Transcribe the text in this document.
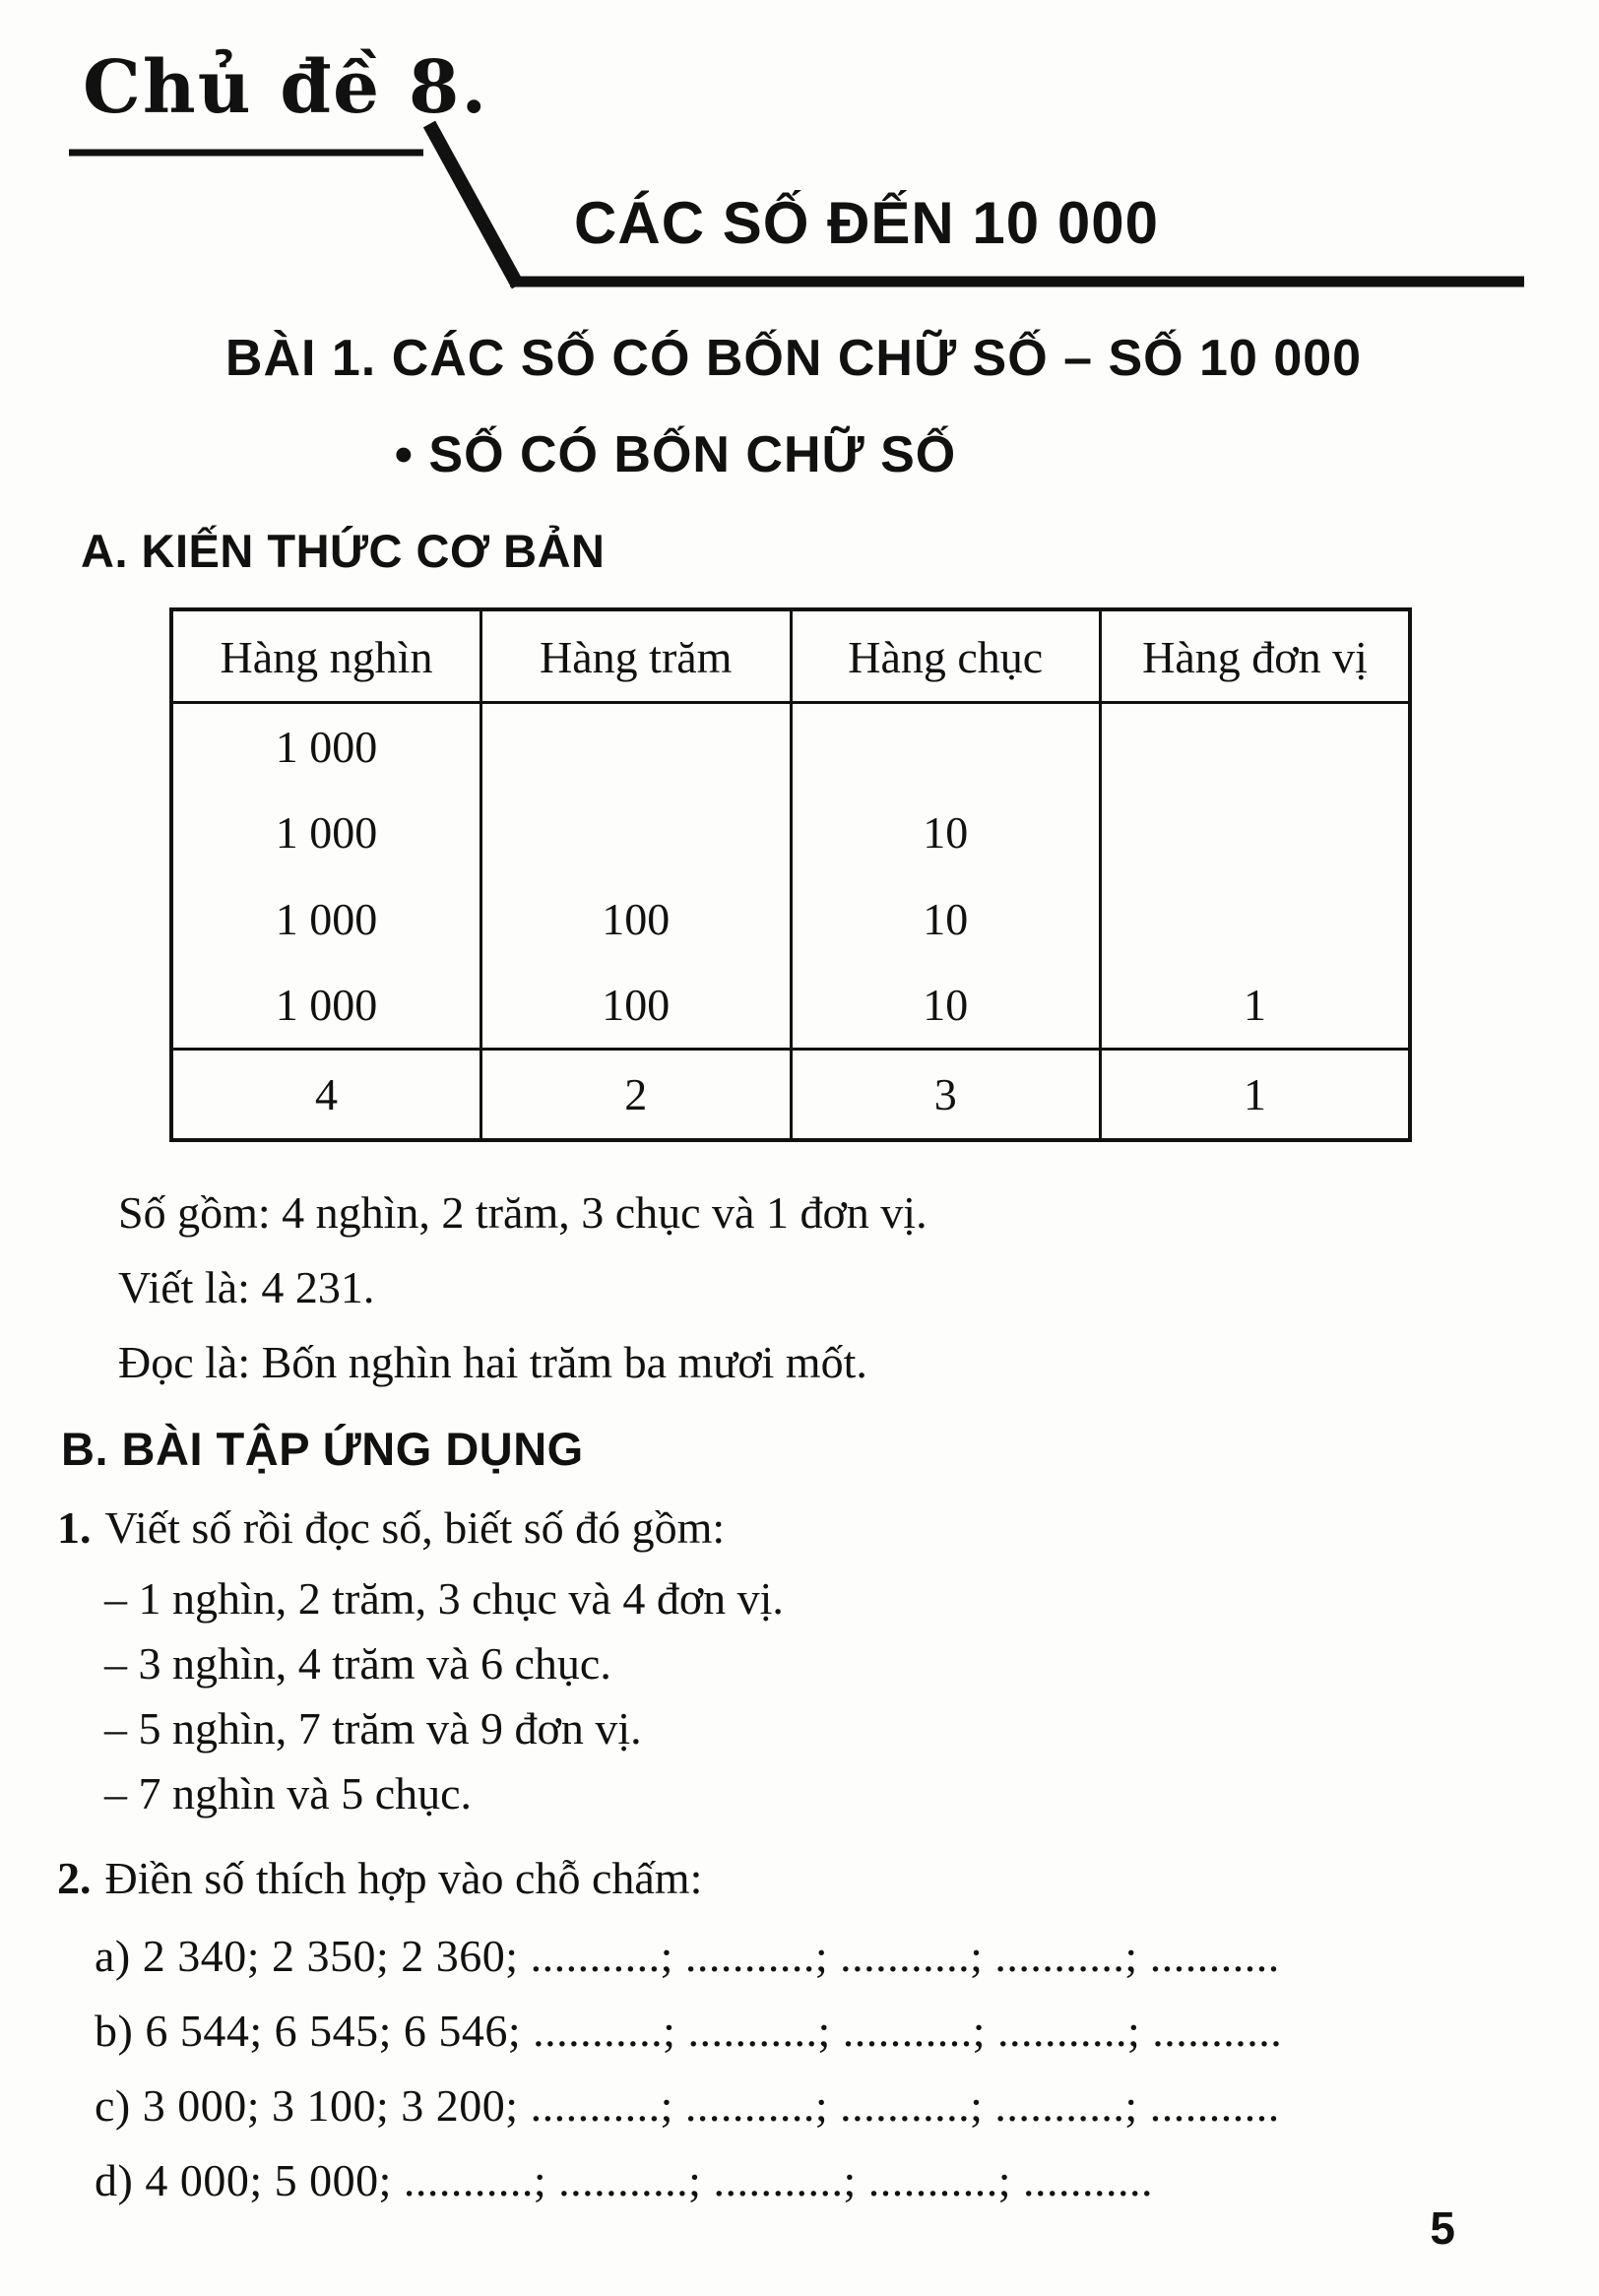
Chủ đề 8.
CÁC SỐ ĐẾN 10 000
BÀI 1. CÁC SỐ CÓ BỐN CHỮ SỐ – SỐ 10 000
• SỐ CÓ BỐN CHỮ SỐ
A. KIẾN THỨC CƠ BẢN
Hàng nghìn	Hàng trăm	Hàng chục	Hàng đơn vị
1 000			
1 000		10	
1 000	100	10	
1 000	100	10	1
4	2	3	1

Số gồm: 4 nghìn, 2 trăm, 3 chục và 1 đơn vị.

Viết là: 4 231.

Đọc là: Bốn nghìn hai trăm ba mươi mốt.

B. BÀI TẬP ỨNG DỤNG

1. Viết số rồi đọc số, biết số đó gồm:

– 1 nghìn, 2 trăm, 3 chục và 4 đơn vị.

– 3 nghìn, 4 trăm và 6 chục.

– 5 nghìn, 7 trăm và 9 đơn vị.

– 7 nghìn và 5 chục.

2. Điền số thích hợp vào chỗ chấm:

a) 2 340; 2 350; 2 360; ...........; ...........; ...........; ...........; ...........

b) 6 544; 6 545; 6 546; ...........; ...........; ...........; ...........; ...........

c) 3 000; 3 100; 3 200; ...........; ...........; ...........; ...........; ...........

d) 4 000; 5 000; ...........; ...........; ...........; ...........; ...........

5
